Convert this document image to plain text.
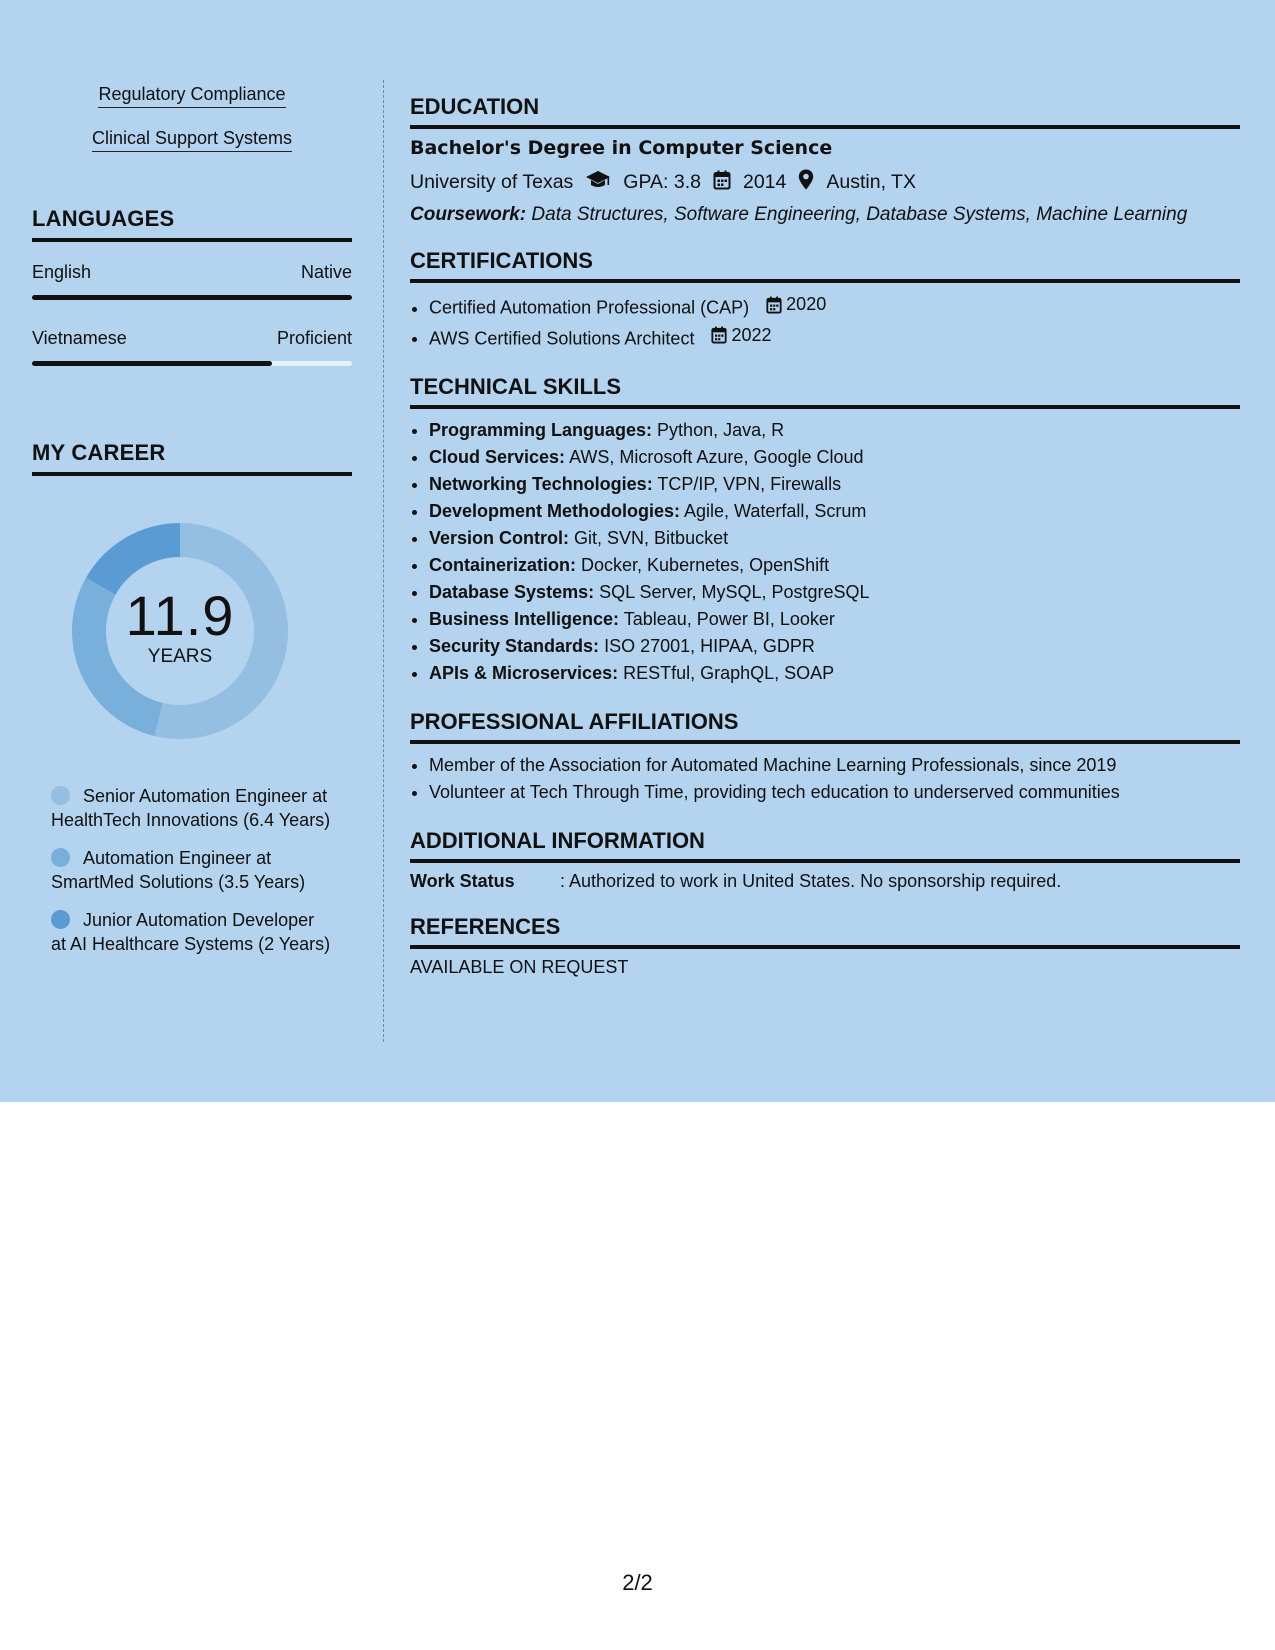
Regulatory Compliance
Clinical Support Systems
LANGUAGES
English	Native
Vietnamese	Proficient
MY CAREER
11.9
YEARS
Senior Automation Engineer at HealthTech Innovations (6.4 Years)
Automation Engineer at SmartMed Solutions (3.5 Years)
Junior Automation Developer at AI Healthcare Systems (2 Years)
EDUCATION
Bachelor's Degree in Computer Science
University of Texas	GPA: 3.8 2014 Austin, TX
Coursework: Data Structures, Software Engineering, Database Systems, Machine Learning
CERTIFICATIONS
• Certified Automation Professional (CAP) 2020
• AWS Certified Solutions Architect 2022
TECHNICAL SKILLS
• Programming Languages: Python, Java, R
• Cloud Services: AWS, Microsoft Azure, Google Cloud
• Networking Technologies: TCP/IP, VPN, Firewalls
• Development Methodologies: Agile, Waterfall, Scrum
• Version Control: Git, SVN, Bitbucket
• Containerization: Docker, Kubernetes, OpenShift
• Database Systems: SQL Server, MySQL, PostgreSQL
• Business Intelligence: Tableau, Power BI, Looker
• Security Standards: ISO 27001, HIPAA, GDPR
• APIs & Microservices: RESTful, GraphQL, SOAP
PROFESSIONAL AFFILIATIONS
• Member of the Association for Automated Machine Learning Professionals, since 2019
• Volunteer at Tech Through Time, providing tech education to underserved communities
ADDITIONAL INFORMATION
Work Status	: Authorized to work in United States. No sponsorship required.
REFERENCES
AVAILABLE ON REQUEST
2/2
